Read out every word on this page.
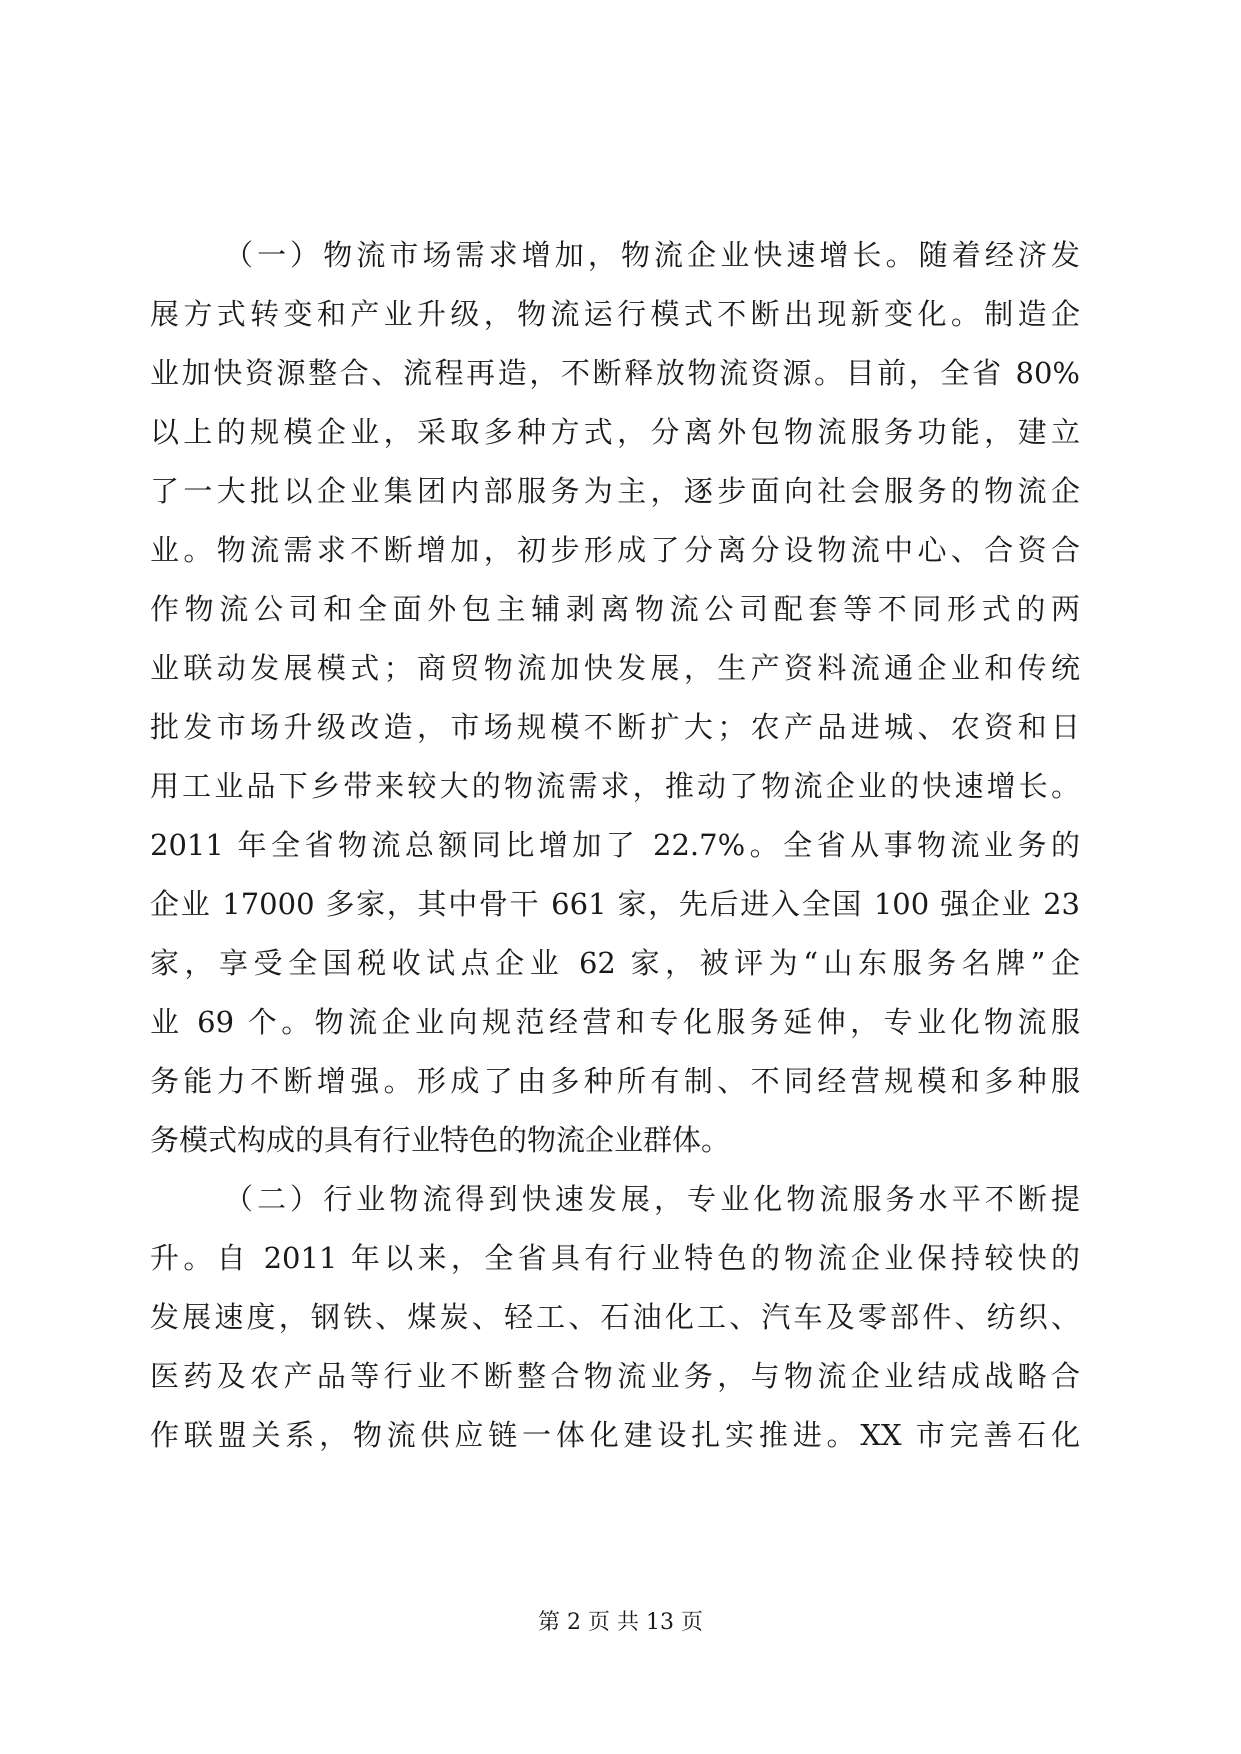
（一）物流市场需求增加，物流企业快速增长。随着经济发
展方式转变和产业升级，物流运行模式不断出现新变化。制造企
业加快资源整合、流程再造，不断释放物流资源。目前，全省 80%
以上的规模企业，采取多种方式，分离外包物流服务功能，建立
了一大批以企业集团内部服务为主，逐步面向社会服务的物流企
业。物流需求不断增加，初步形成了分离分设物流中心、合资合
作物流公司和全面外包主辅剥离物流公司配套等不同形式的两
业联动发展模式；商贸物流加快发展，生产资料流通企业和传统
批发市场升级改造，市场规模不断扩大；农产品进城、农资和日
用工业品下乡带来较大的物流需求，推动了物流企业的快速增长。
2011 年全省物流总额同比增加了 22.7%。全省从事物流业务的
企业 17000 多家，其中骨干 661 家，先后进入全国 100 强企业 23
家，享受全国税收试点企业 62 家，被评为“山东服务名牌”企
业 69 个。物流企业向规范经营和专化服务延伸，专业化物流服
务能力不断增强。形成了由多种所有制、不同经营规模和多种服
务模式构成的具有行业特色的物流企业群体。
（二）行业物流得到快速发展，专业化物流服务水平不断提
升。自 2011 年以来，全省具有行业特色的物流企业保持较快的
发展速度，钢铁、煤炭、轻工、石油化工、汽车及零部件、纺织、
医药及农产品等行业不断整合物流业务，与物流企业结成战略合
作联盟关系，物流供应链一体化建设扎实推进。XX 市完善石化
第 2 页 共 13 页
